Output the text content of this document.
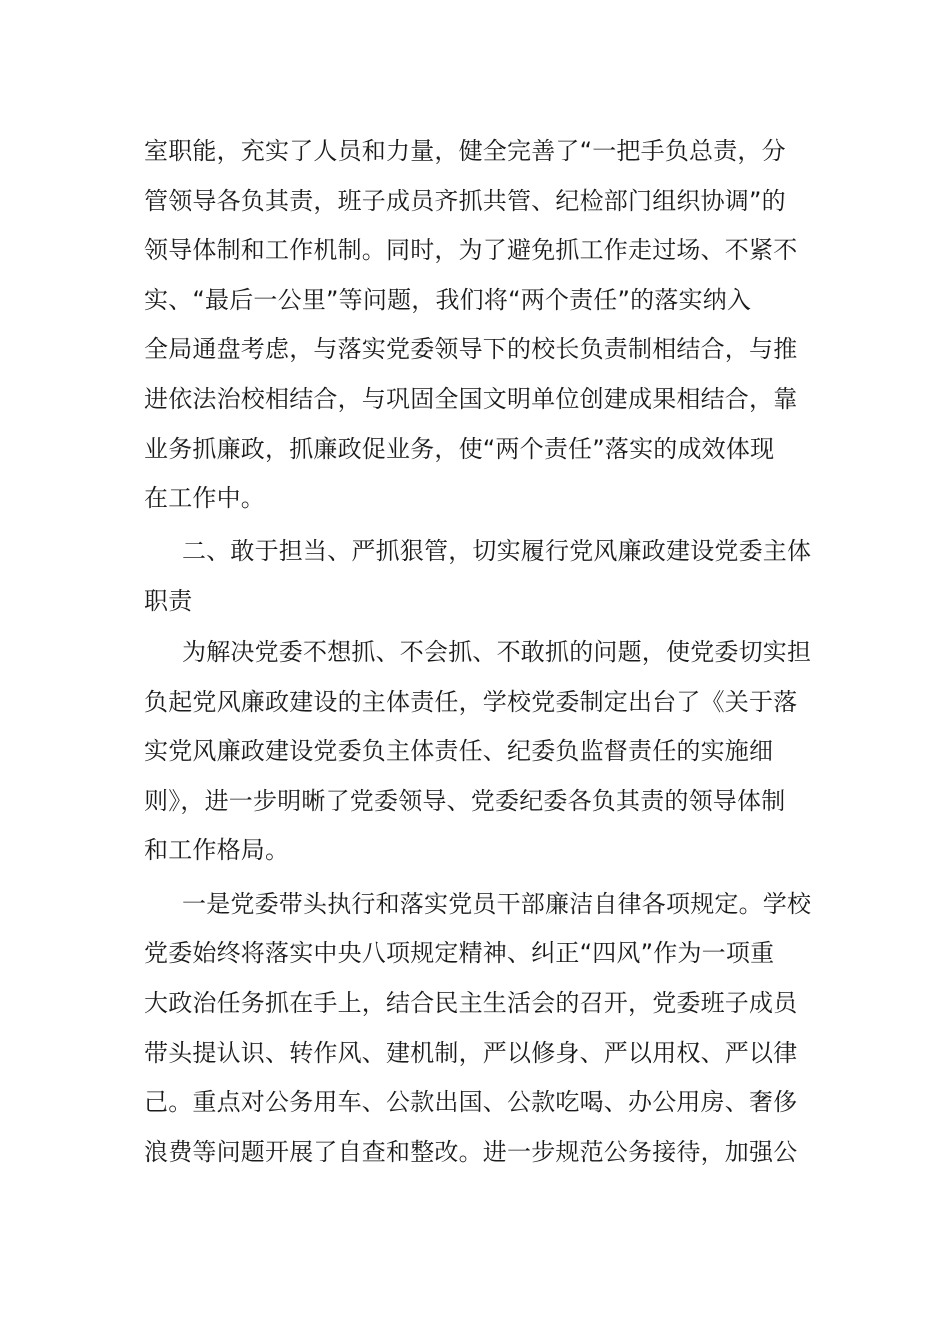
室职能，充实了人员和力量，健全完善了“一把手负总责，分
管领导各负其责，班子成员齐抓共管、纪检部门组织协调”的
领导体制和工作机制。同时，为了避免抓工作走过场、不紧不
实、“最后一公里”等问题，我们将“两个责任”的落实纳入
全局通盘考虑，与落实党委领导下的校长负责制相结合，与推
进依法治校相结合，与巩固全国文明单位创建成果相结合，靠
业务抓廉政，抓廉政促业务，使“两个责任”落实的成效体现
在工作中。
二、敢于担当、严抓狠管，切实履行党风廉政建设党委主体
职责
为解决党委不想抓、不会抓、不敢抓的问题，使党委切实担
负起党风廉政建设的主体责任，学校党委制定出台了《关于落
实党风廉政建设党委负主体责任、纪委负监督责任的实施细
则》，进一步明晰了党委领导、党委纪委各负其责的领导体制
和工作格局。
一是党委带头执行和落实党员干部廉洁自律各项规定。学校
党委始终将落实中央八项规定精神、纠正“四风”作为一项重
大政治任务抓在手上，结合民主生活会的召开，党委班子成员
带头提认识、转作风、建机制，严以修身、严以用权、严以律
己。重点对公务用车、公款出国、公款吃喝、办公用房、奢侈
浪费等问题开展了自查和整改。进一步规范公务接待，加强公
